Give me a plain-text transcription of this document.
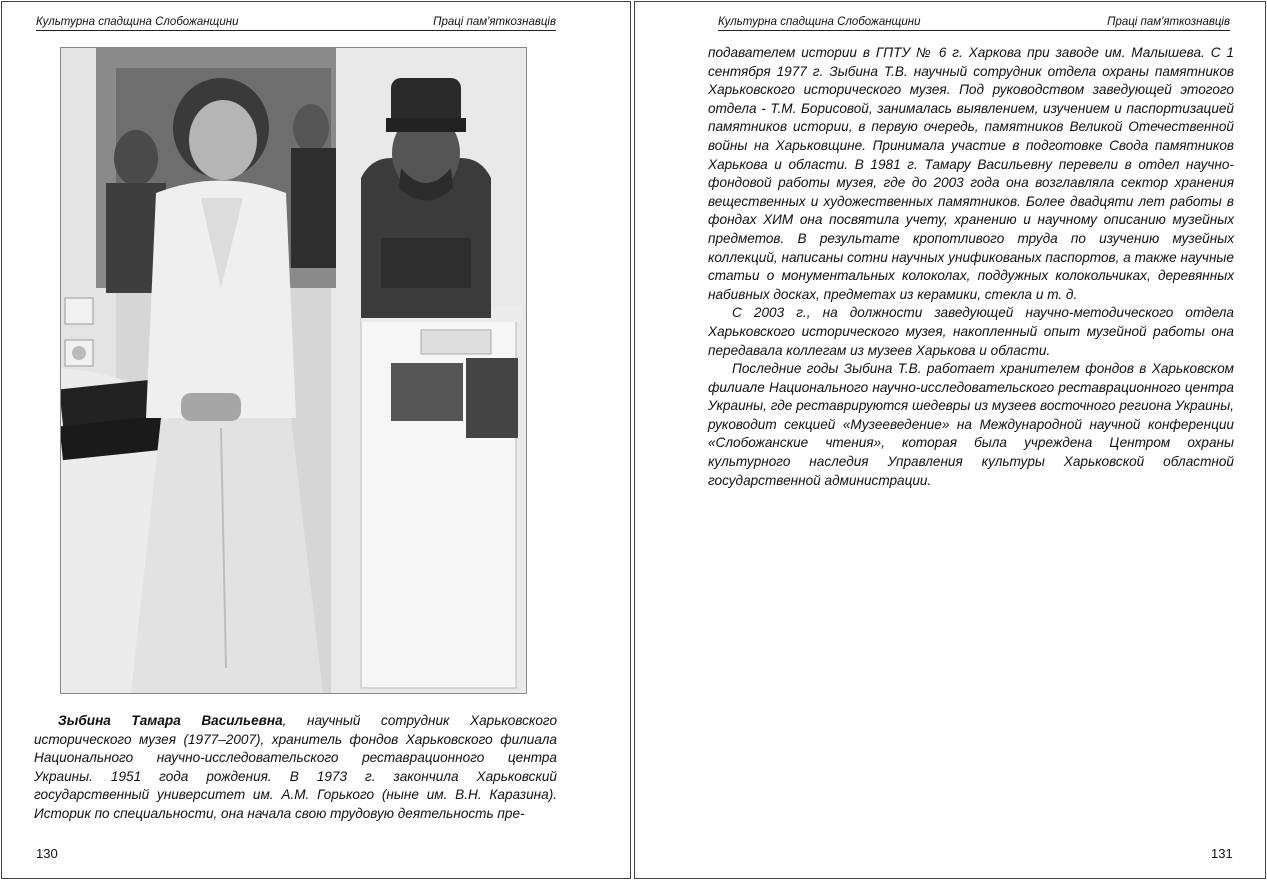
Культурна спадщина Слобожанщини	Праці пам'яткознавців

Зыбина Тамара Васильевна, научный сотрудник Харьковского исторического музея (1977–2007), хранитель фондов Харьковского филиала Национального научно-исследовательского реставрационного центра Украины. 1951 года рождения. В 1973 г. закончила Харьковский государственный университет им. А.М. Горького (ныне им. В.Н. Каразина). Историк по специальности, она начала свою трудовую деятельность пре-

130
Культурна спадщина Слобожанщини	Праці пам'яткознавців

подавателем истории в ГПТУ № 6 г. Харкова при заводе им. Малышева. С 1 сентября 1977 г. Зыбина Т.В. научный сотрудник отдела охраны памятников Харьковского исторического музея. Под руководством заведующей этогого отдела - Т.М. Борисовой, занималась выявлением, изучением и паспортизацией памятников истории, в первую очередь, памятников Великой Отечественной войны на Харьковщине. Принимала участие в подготовке Свода памятников Харькова и области. В 1981 г. Тамару Васильевну перевели в отдел научно-фондовой работы музея, где до 2003 года она возглавляла сектор хранения вещественных и художественных памятников. Более двадцяти лет работы в фондах ХИМ она посвятила учету, хранению и научному описанию музейных предметов. В результате кропотливого труда по изучению музейных коллекций, написаны сотни научных унификованых паспортов, а также научные статьи о монументальных колоколах, поддужных колокольчиках, деревянных набивных досках, предметах из керамики, стекла и т. д.

С 2003 г., на должности заведующей научно-методического отдела Харьковского исторического музея, накопленный опыт музейной работы она передавала коллегам из музеев Харькова и области.

Последние годы Зыбина Т.В. работает хранителем фондов в Харьковском филиале Национального научно-исследовательского реставрационного центра Украины, где реставрируются шедевры из музеев восточного региона Украины, руководит секцией «Музееведение» на Международной научной конференции «Слобожанские чтения», которая была учреждена Центром охраны культурного наследия Управления культуры Харьковской областной государственной администрации.

131
